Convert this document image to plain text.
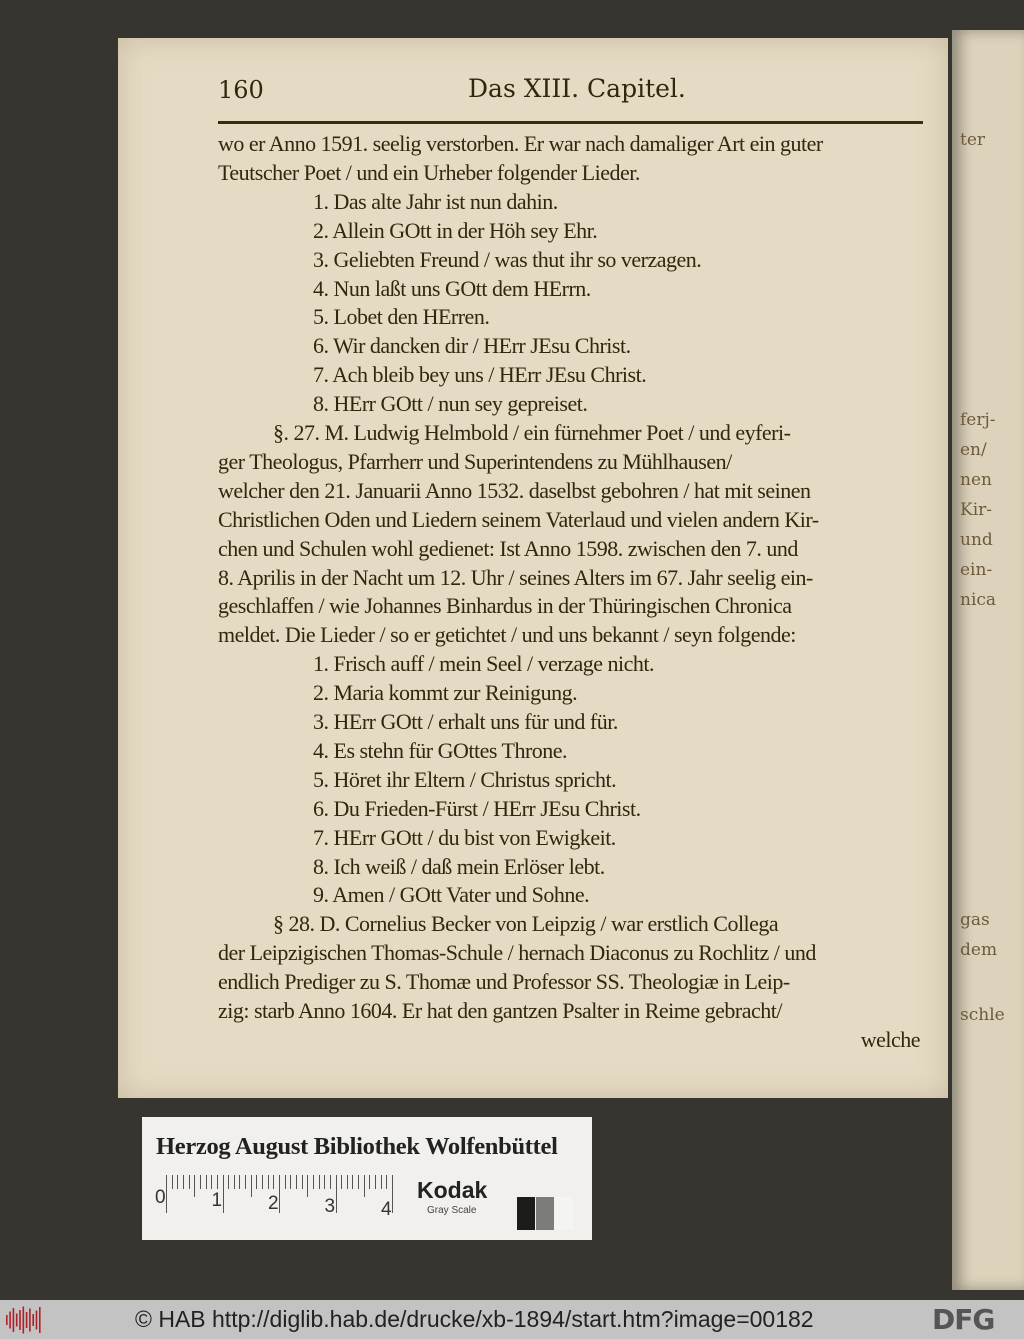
ter
ferj-
en/
nen
Kir-
und
ein-
nica
gas
dem
schle
160	Das XIII. Capitel.
wo er Anno 1591. seelig verstorben. Er war nach damaliger Art ein guter
Teutscher Poet / und ein Urheber folgender Lieder.
1. Das alte Jahr ist nun dahin.
2. Allein GOtt in der Höh sey Ehr.
3. Geliebten Freund / was thut ihr so verzagen.
4. Nun laßt uns GOtt dem HErrn.
5. Lobet den HErren.
6. Wir dancken dir / HErr JEsu Christ.
7. Ach bleib bey uns / HErr JEsu Christ.
8. HErr GOtt / nun sey gepreiset.
§. 27. M. Ludwig Helmbold / ein fürnehmer Poet / und eyferi-
ger Theologus, Pfarrherr und Superintendens zu Mühlhausen/
welcher den 21. Januarii Anno 1532. daselbst gebohren / hat mit seinen
Christlichen Oden und Liedern seinem Vaterlaud und vielen andern Kir-
chen und Schulen wohl gedienet: Ist Anno 1598. zwischen den 7. und
8. Aprilis in der Nacht um 12. Uhr / seines Alters im 67. Jahr seelig ein-
geschlaffen / wie Johannes Binhardus in der Thüringischen Chronica
meldet. Die Lieder / so er getichtet / und uns bekannt / seyn folgende:
1. Frisch auff / mein Seel / verzage nicht.
2. Maria kommt zur Reinigung.
3. HErr GOtt / erhalt uns für und für.
4. Es stehn für GOttes Throne.
5. Höret ihr Eltern / Christus spricht.
6. Du Frieden-Fürst / HErr JEsu Christ.
7. HErr GOtt / du bist von Ewigkeit.
8. Ich weiß / daß mein Erlöser lebt.
9. Amen / GOtt Vater und Sohne.
§ 28. D. Cornelius Becker von Leipzig / war erstlich Collega
der Leipzigischen Thomas-Schule / hernach Diaconus zu Rochlitz / und
endlich Prediger zu S. Thomæ und Professor SS. Theologiæ in Leip-
zig: starb Anno 1604. Er hat den gantzen Psalter in Reime gebracht/
welche
Herzog August Bibliothek Wolfenbüttel
Kodak
Gray Scale
0 1 2 3 4
© HAB http://diglib.hab.de/drucke/xb-1894/start.htm?image=00182	DFG
